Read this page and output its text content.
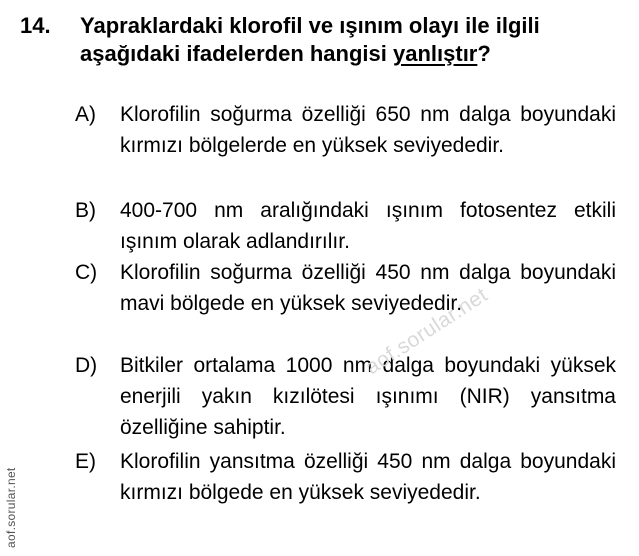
14. Yapraklardaki klorofil ve ışınım olayı ile ilgili aşağıdaki ifadelerden hangisi yanlıştır?
A) Klorofilin soğurma özelliği 650 nm dalga boyundaki kırmızı bölgelerde en yüksek seviyededir.
B) 400-700 nm aralığındaki ışınım fotosentez etkili ışınım olarak adlandırılır.
C) Klorofilin soğurma özelliği 450 nm dalga boyundaki mavi bölgede en yüksek seviyededir.
D) Bitkiler ortalama 1000 nm dalga boyundaki yüksek enerjili yakın kızılötesi ışınımı (NIR) yansıtma özelliğine sahiptir.
E) Klorofilin yansıtma özelliği 450 nm dalga boyundaki kırmızı bölgede en yüksek seviyededir.
aof.sorular.net
aof.sorular.net
